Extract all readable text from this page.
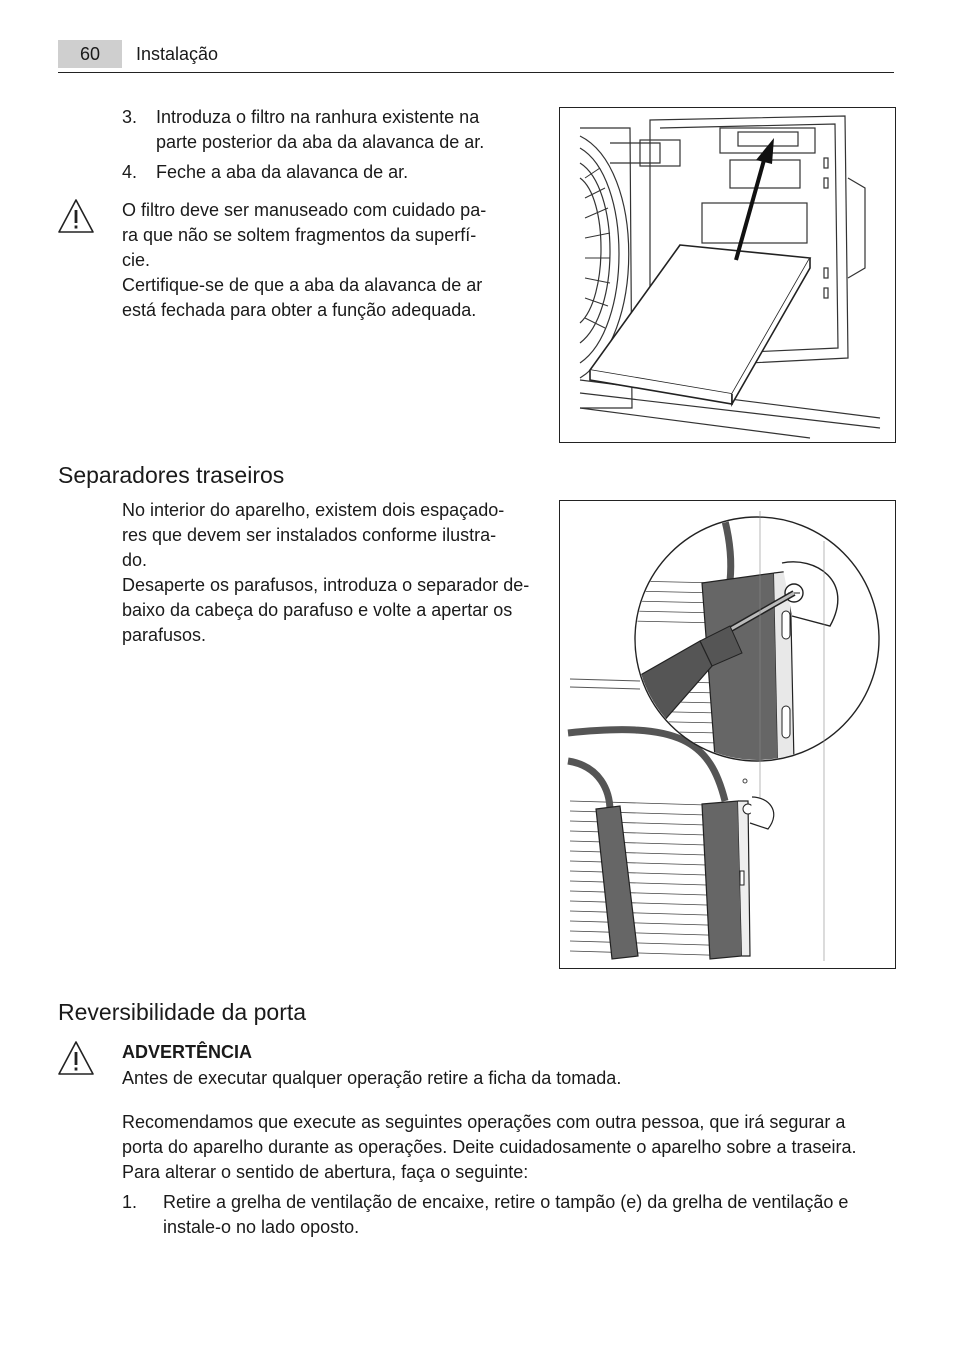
60	Instalação
3. Introduza o filtro na ranhura existente na
parte posterior da aba da alavanca de ar.
4. Feche a aba da alavanca de ar.
O filtro deve ser manuseado com cuidado pa-
ra que não se soltem fragmentos da superfí-
cie.
Certifique-se de que a aba da alavanca de ar
está fechada para obter a função adequada.
Separadores traseiros
No interior do aparelho, existem dois espaçado-
res que devem ser instalados conforme ilustra-
do.
Desaperte os parafusos, introduza o separador de-
baixo da cabeça do parafuso e volte a apertar os
parafusos.
Reversibilidade da porta
ADVERTÊNCIA
Antes de executar qualquer operação retire a ficha da tomada.
Recomendamos que execute as seguintes operações com outra pessoa, que irá segurar a
porta do aparelho durante as operações. Deite cuidadosamente o aparelho sobre a traseira.
Para alterar o sentido de abertura, faça o seguinte:
1. Retire a grelha de ventilação de encaixe, retire o tampão (e) da grelha de ventilação e
instale-o no lado oposto.
